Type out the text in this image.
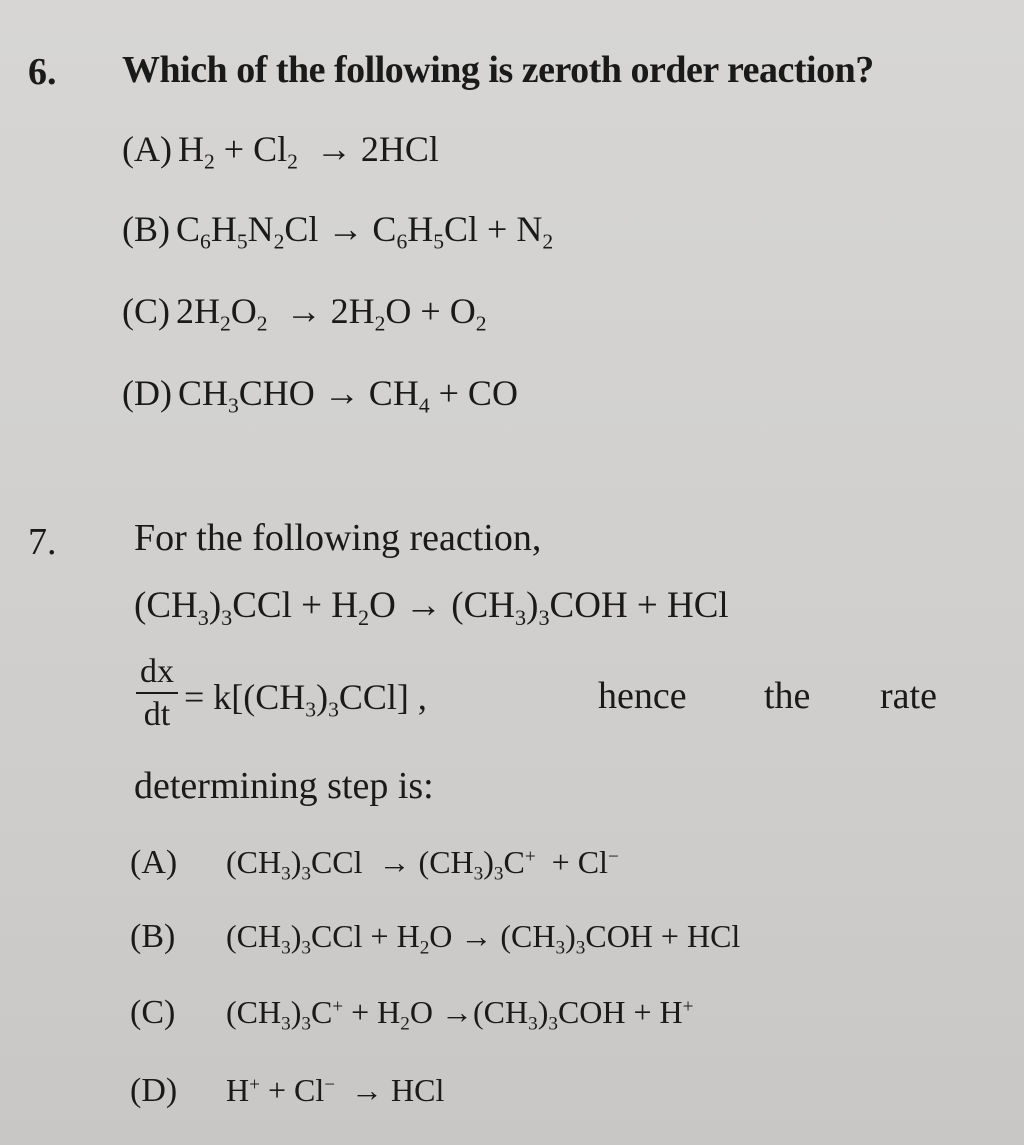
6. Which of the following is zeroth order reaction?
(A) $H_2 + Cl_2 \to 2HCl$
(B) $C_6H_5N_2Cl \to C_6H_5Cl + N_2$
(C) $2H_2O_2 \to 2H_2O + O_2$
(D) $CH_3CHO \to CH_4$ + CO
7. For the following reaction,
$(CH_3)_3CCl + H_2O \to (CH_3)_3COH$ + HCl
dx
dt = $k[(CH_3)_3CCl]$ ,	hence the rate
determining step is:
(A) $(CH_3)_3CCl \to (CH_3)_3C^+ + Cl^-$
(B) $(CH_3)_3CCl + H_2O \to (CH_3)_3COH$ + HCl
(C) $(CH_3)_3C^+ + H_2O \to(CH_3)_3COH + H^+$
(D) H+ + Cl−  → HCl
